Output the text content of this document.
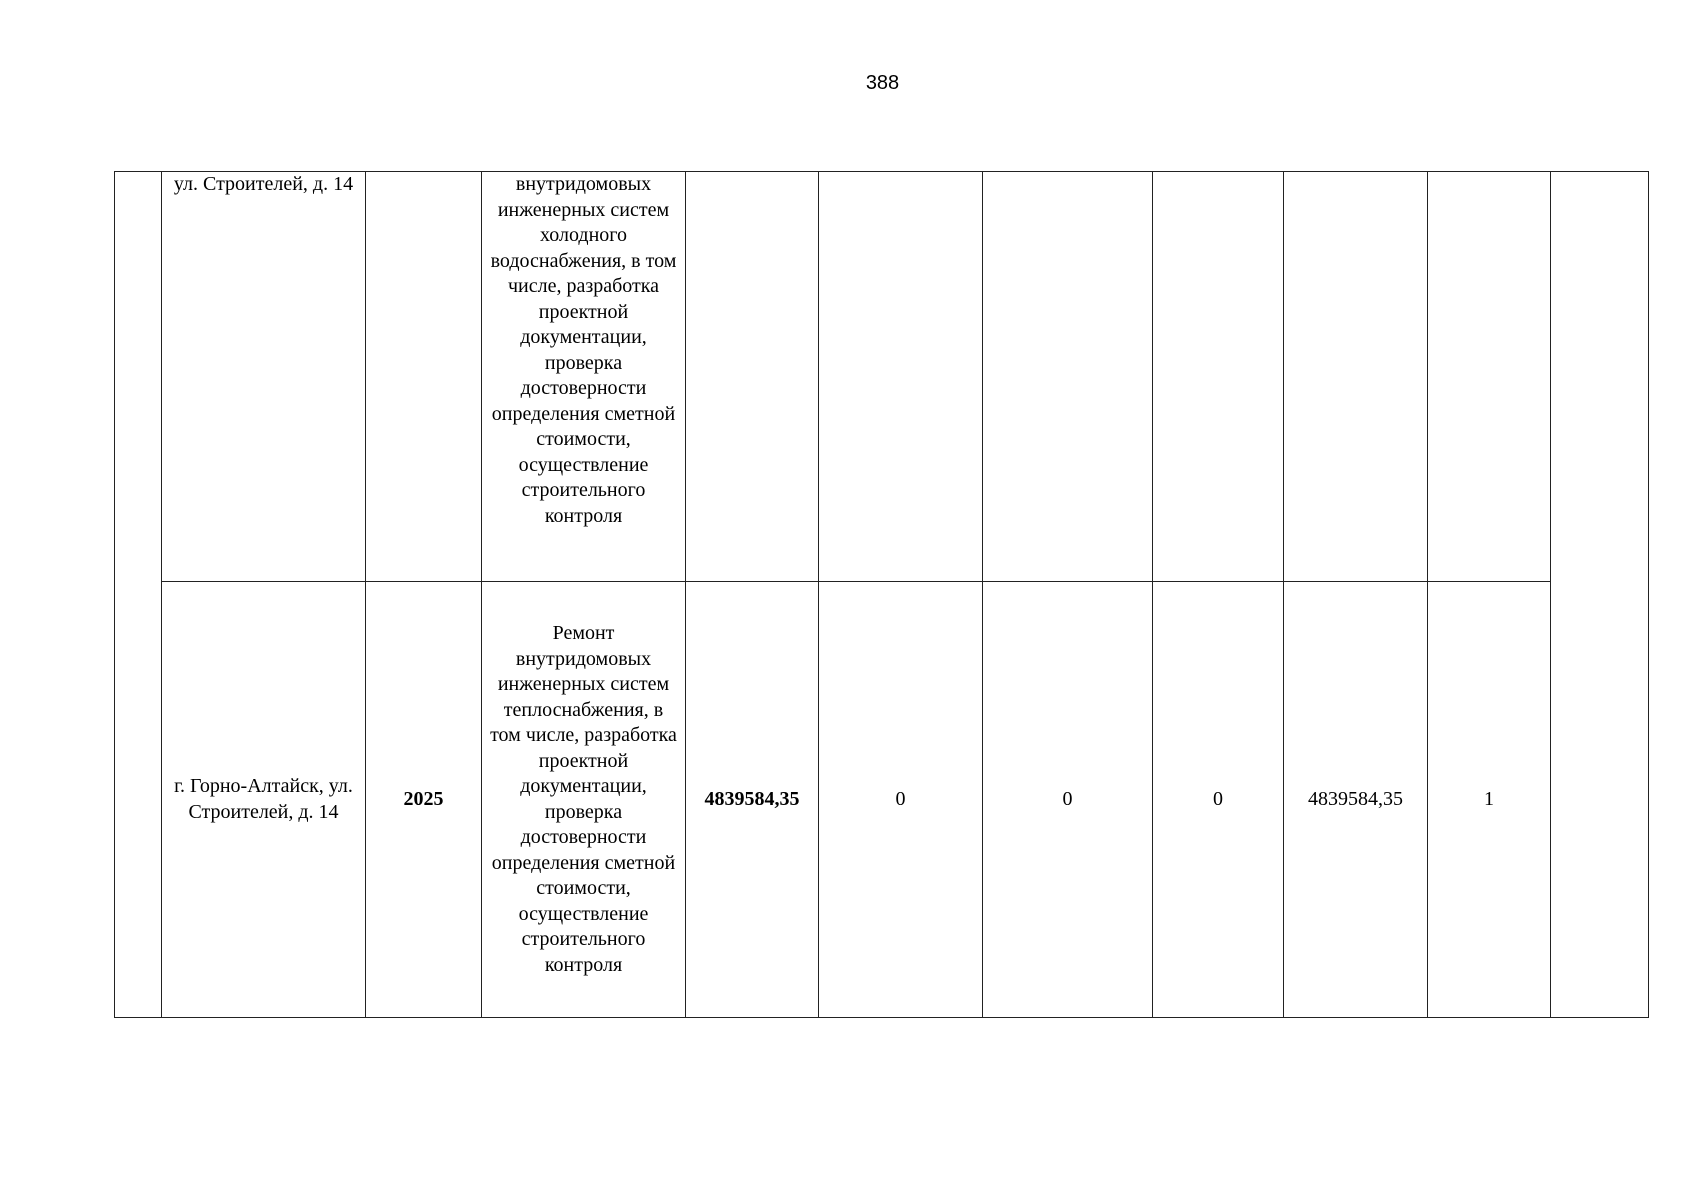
388
	ул. Строителей, д. 14		внутридомовых инженерных систем холодного водоснабжения, в том числе, разработка проектной документации, проверка достоверности определения сметной стоимости, осуществление строительного контроля							
	г. Горно-Алтайск, ул. Строителей, д. 14	2025	Ремонт внутридомовых инженерных систем теплоснабжения, в том числе, разработка проектной документации, проверка достоверности определения сметной стоимости, осуществление строительного контроля	4839584,35	0	0	0	4839584,35	1	
